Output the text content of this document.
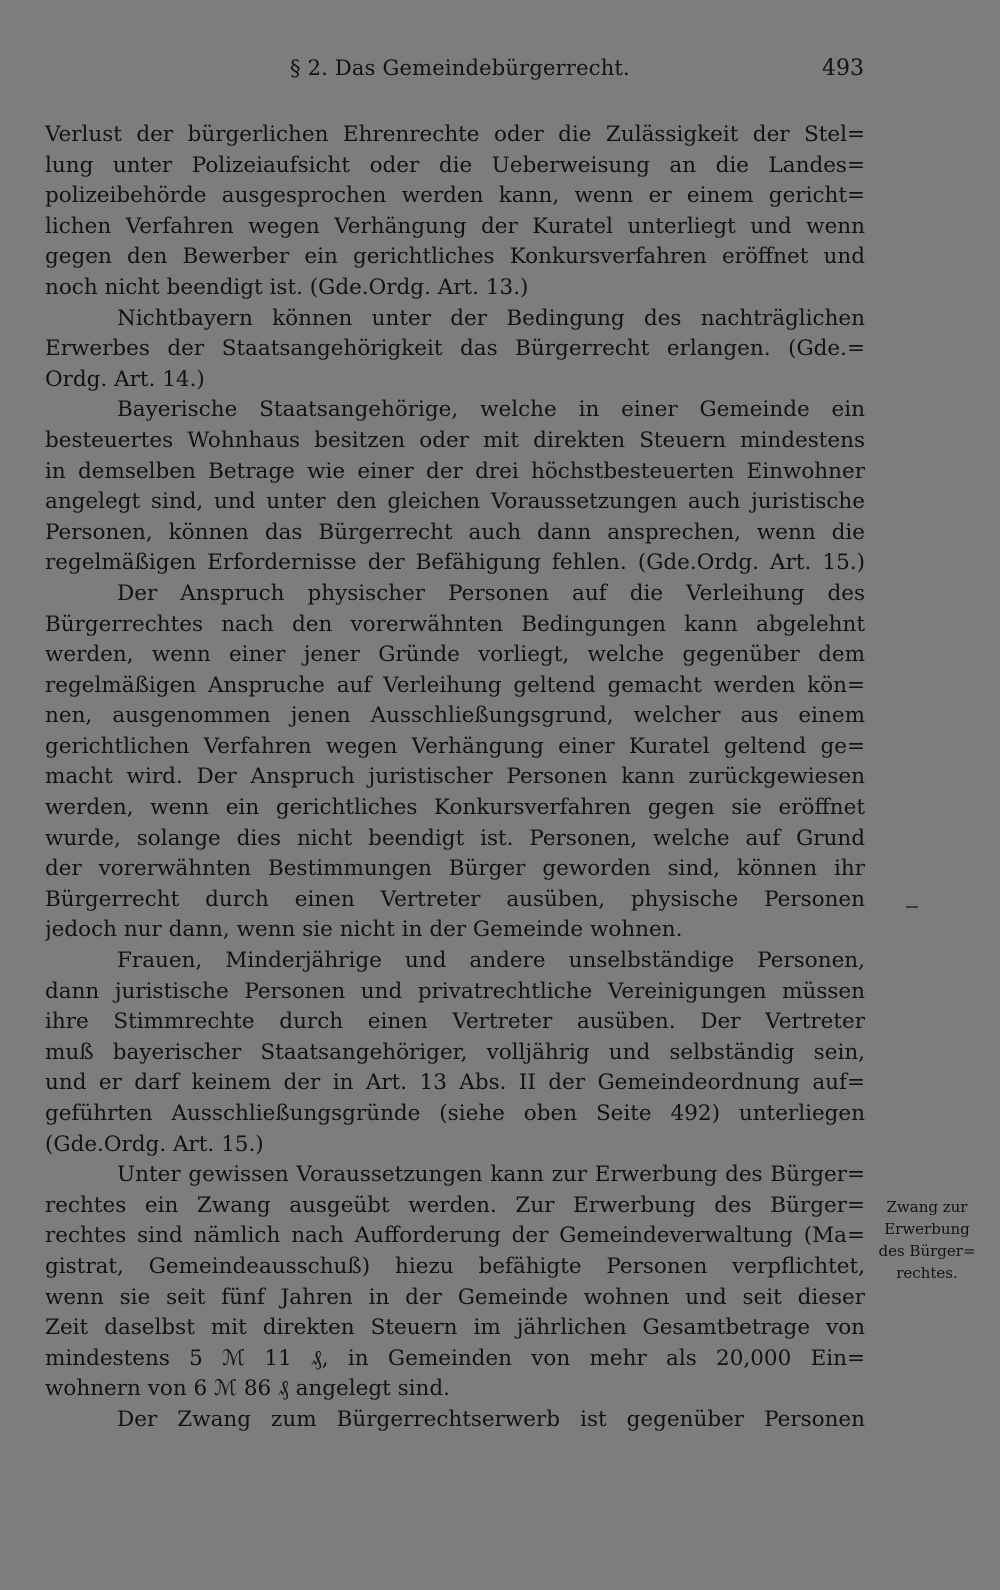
§ 2. Das Gemeindebürgerrecht.	493
Verlust der bürgerlichen Ehrenrechte oder die Zulässigkeit der Stel=
lung unter Polizeiaufsicht oder die Ueberweisung an die Landes=
polizeibehörde ausgesprochen werden kann, wenn er einem gericht=
lichen Verfahren wegen Verhängung der Kuratel unterliegt und wenn
gegen den Bewerber ein gerichtliches Konkursverfahren eröffnet und
noch nicht beendigt ist. (Gde.Ordg. Art. 13.)
Nichtbayern können unter der Bedingung des nachträglichen
Erwerbes der Staatsangehörigkeit das Bürgerrecht erlangen. (Gde.=
Ordg. Art. 14.)
Bayerische Staatsangehörige, welche in einer Gemeinde ein
besteuertes Wohnhaus besitzen oder mit direkten Steuern mindestens
in demselben Betrage wie einer der drei höchstbesteuerten Einwohner
angelegt sind, und unter den gleichen Voraussetzungen auch juristische
Personen, können das Bürgerrecht auch dann ansprechen, wenn die
regelmäßigen Erfordernisse der Befähigung fehlen. (Gde.Ordg. Art. 15.)
Der Anspruch physischer Personen auf die Verleihung des
Bürgerrechtes nach den vorerwähnten Bedingungen kann abgelehnt
werden, wenn einer jener Gründe vorliegt, welche gegenüber dem
regelmäßigen Anspruche auf Verleihung geltend gemacht werden kön=
nen, ausgenommen jenen Ausschließungsgrund, welcher aus einem
gerichtlichen Verfahren wegen Verhängung einer Kuratel geltend ge=
macht wird. Der Anspruch juristischer Personen kann zurückgewiesen
werden, wenn ein gerichtliches Konkursverfahren gegen sie eröffnet
wurde, solange dies nicht beendigt ist. Personen, welche auf Grund
der vorerwähnten Bestimmungen Bürger geworden sind, können ihr
Bürgerrecht durch einen Vertreter ausüben, physische Personen
jedoch nur dann, wenn sie nicht in der Gemeinde wohnen.
Frauen, Minderjährige und andere unselbständige Personen,
dann juristische Personen und privatrechtliche Vereinigungen müssen
ihre Stimmrechte durch einen Vertreter ausüben. Der Vertreter
muß bayerischer Staatsangehöriger, volljährig und selbständig sein,
und er darf keinem der in Art. 13 Abs. II der Gemeindeordnung auf=
geführten Ausschließungsgründe (siehe oben Seite 492) unterliegen
(Gde.Ordg. Art. 15.)
Unter gewissen Voraussetzungen kann zur Erwerbung des Bürger=
rechtes ein Zwang ausgeübt werden. Zur Erwerbung des Bürger=
rechtes sind nämlich nach Aufforderung der Gemeindeverwaltung (Ma=
gistrat, Gemeindeausschuß) hiezu befähigte Personen verpflichtet,
wenn sie seit fünf Jahren in der Gemeinde wohnen und seit dieser
Zeit daselbst mit direkten Steuern im jährlichen Gesamtbetrage von
mindestens 5 ℳ 11 ₰, in Gemeinden von mehr als 20,000 Ein=
wohnern von 6 ℳ 86 ₰ angelegt sind.
Der Zwang zum Bürgerrechtserwerb ist gegenüber Personen
Zwang zur
Erwerbung
des Bürger=
rechtes.
